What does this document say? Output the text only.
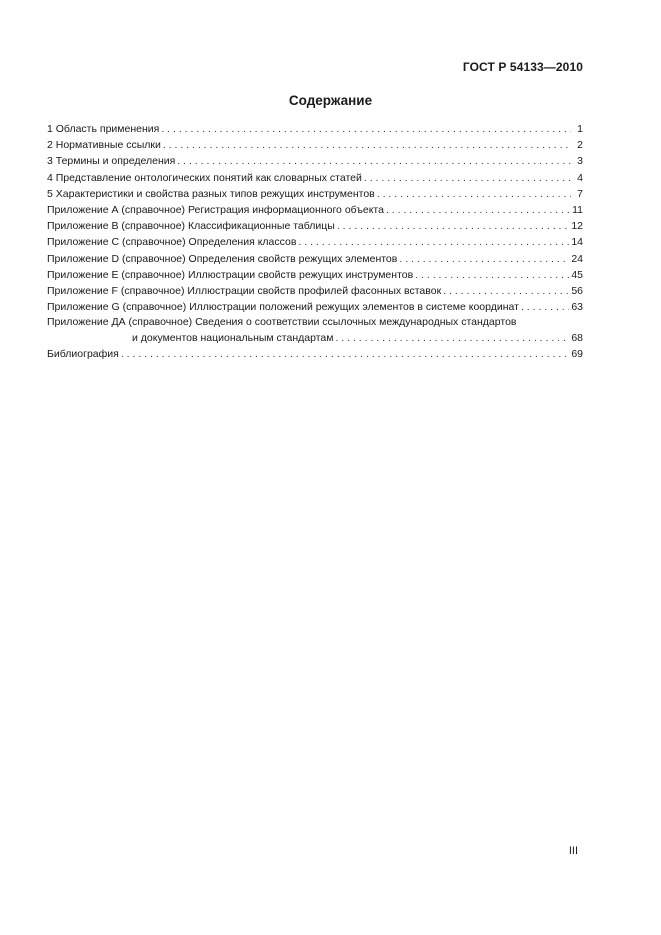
ГОСТ Р 54133—2010
Содержание
1 Область применения . . .	1
2 Нормативные ссылки . . .	2
3 Термины и определения . . .	3
4 Представление онтологических понятий как словарных статей . . .	4
5 Характеристики и свойства разных типов режущих инструментов . . .	7
Приложение А (справочное) Регистрация информационного объекта . . .	11
Приложение В (справочное) Классификационные таблицы . . .	12
Приложение С (справочное) Определения классов . . .	14
Приложение D (справочное) Определения свойств режущих элементов . . .	24
Приложение Е (справочное) Иллюстрации свойств режущих инструментов . . .	45
Приложение F (справочное) Иллюстрации свойств профилей фасонных вставок . . .	56
Приложение G (справочное) Иллюстрации положений режущих элементов в системе координат . . .	63
Приложение ДА (справочное) Сведения о соответствии ссылочных международных стандартов
и документов национальным стандартам . . .	68
Библиография . . .	69
III
